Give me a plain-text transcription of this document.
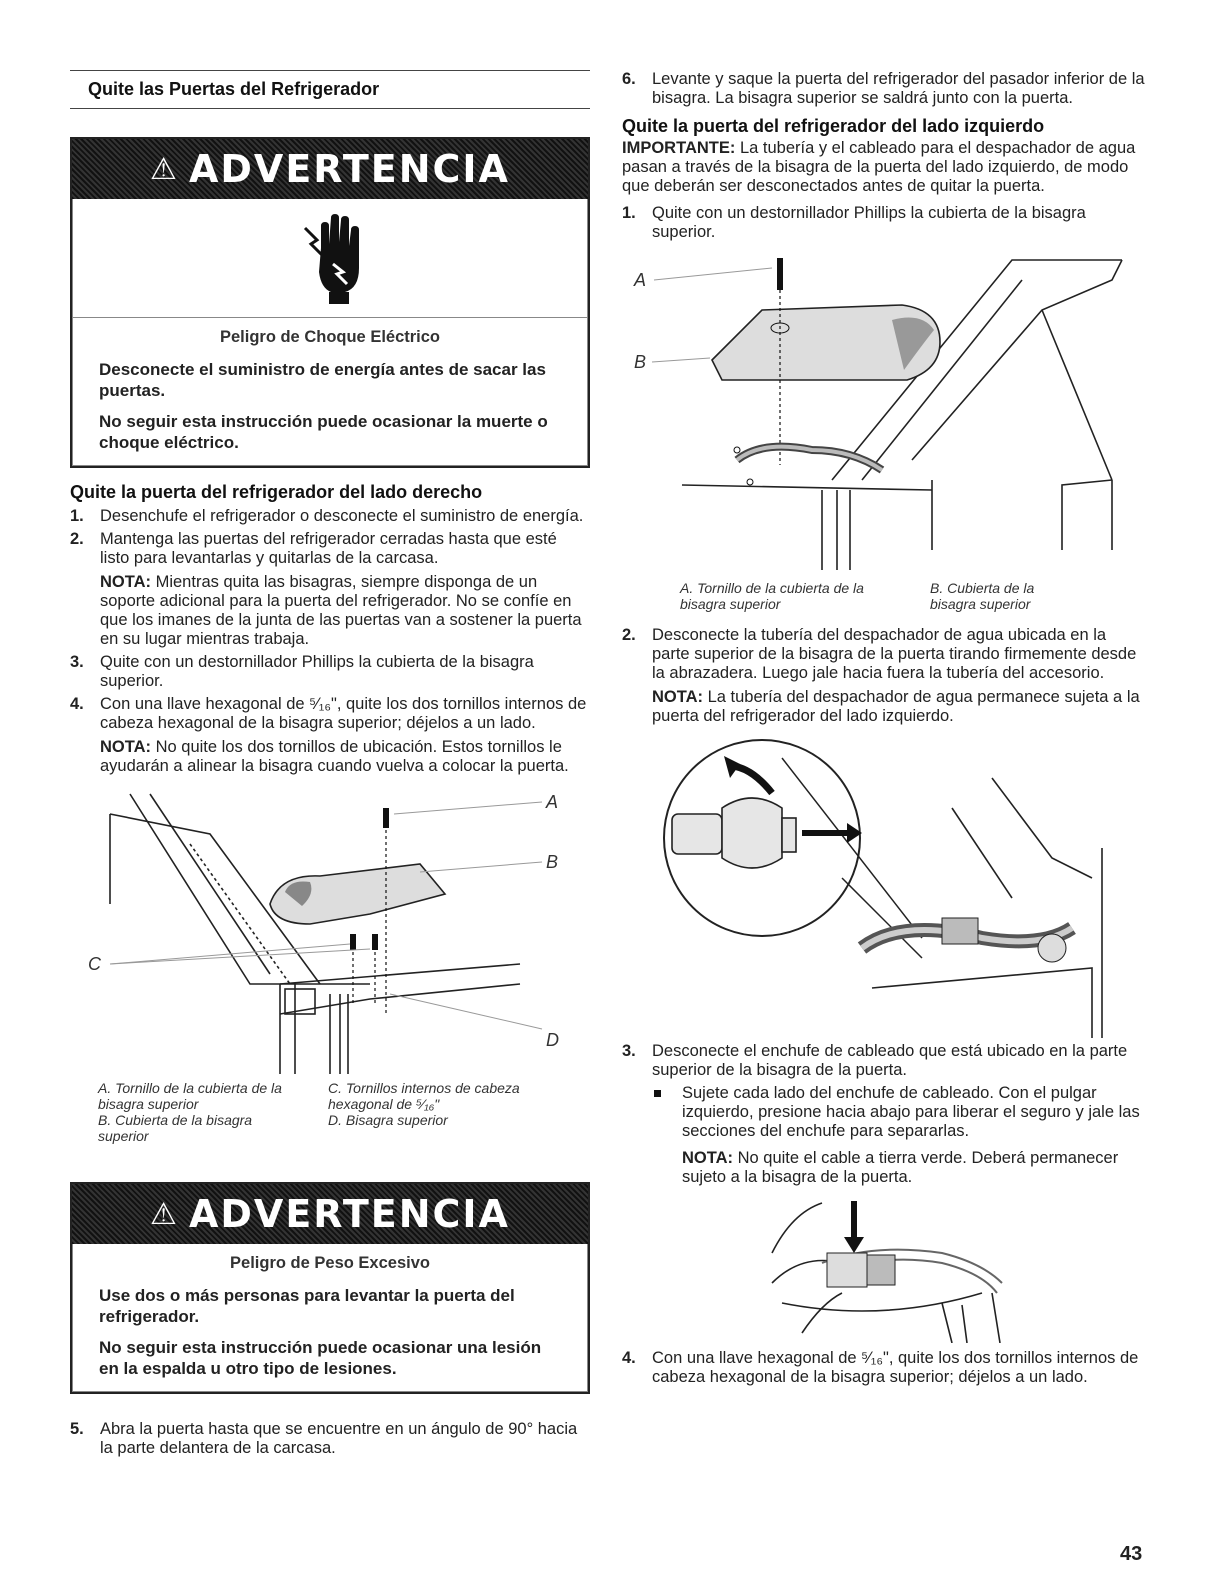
Quite las Puertas del Refrigerador

⚠ ADVERTENCIA

Peligro de Choque Eléctrico

Desconecte el suministro de energía antes de sacar las puertas.

No seguir esta instrucción puede ocasionar la muerte o choque eléctrico.

Quite la puerta del refrigerador del lado derecho

1. Desenchufe el refrigerador o desconecte el suministro de energía.
2. Mantenga las puertas del refrigerador cerradas hasta que esté listo para levantarlas y quitarlas de la carcasa.

NOTA: Mientras quita las bisagras, siempre disponga de un soporte adicional para la puerta del refrigerador. No se confíe en que los imanes de la junta de las puertas van a sostener la puerta en su lugar mientras trabaja.

3. Quite con un destornillador Phillips la cubierta de la bisagra superior.
4. Con una llave hexagonal de ⁵⁄₁₆", quite los dos tornillos internos de cabeza hexagonal de la bisagra superior; déjelos a un lado.

NOTA: No quite los dos tornillos de ubicación. Estos tornillos le ayudarán a alinear la bisagra cuando vuelva a colocar la puerta.

A
B
C
D
A. Tornillo de la cubierta de la bisagra superior
B. Cubierta de la bisagra superior
C. Tornillos internos de cabeza hexagonal de ⁵⁄₁₆"
D. Bisagra superior
⚠ ADVERTENCIA

Peligro de Peso Excesivo

Use dos o más personas para levantar la puerta del refrigerador.

No seguir esta instrucción puede ocasionar una lesión en la espalda u otro tipo de lesiones.

5. Abra la puerta hasta que se encuentre en un ángulo de 90° hacia la parte delantera de la carcasa.
6. Levante y saque la puerta del refrigerador del pasador inferior de la bisagra. La bisagra superior se saldrá junto con la puerta.

Quite la puerta del refrigerador del lado izquierdo

IMPORTANTE: La tubería y el cableado para el despachador de agua pasan a través de la bisagra de la puerta del lado izquierdo, de modo que deberán ser desconectados antes de quitar la puerta.

1. Quite con un destornillador Phillips la cubierta de la bisagra superior.
A
B
A. Tornillo de la cubierta de la bisagra superior
B. Cubierta de la bisagra superior
2. Desconecte la tubería del despachador de agua ubicada en la parte superior de la bisagra de la puerta tirando firmemente desde la abrazadera. Luego jale hacia fuera la tubería del accesorio.

NOTA: La tubería del despachador de agua permanece sujeta a la puerta del refrigerador del lado izquierdo.

3. Desconecte el enchufe de cableado que está ubicado en la parte superior de la bisagra de la puerta.
Sujete cada lado del enchufe de cableado. Con el pulgar izquierdo, presione hacia abajo para liberar el seguro y jale las secciones del enchufe para separarlas.

NOTA: No quite el cable a tierra verde. Deberá permanecer sujeto a la bisagra de la puerta.

4. Con una llave hexagonal de ⁵⁄₁₆", quite los dos tornillos internos de cabeza hexagonal de la bisagra superior; déjelos a un lado.
43
